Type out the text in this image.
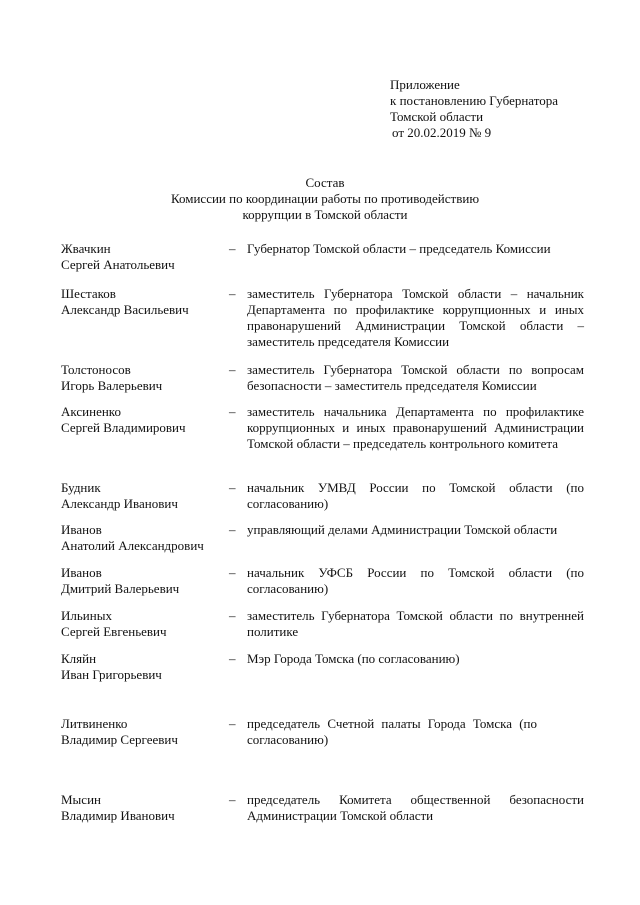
Приложение
к постановлению Губернатора
Томской области
от 20.02.2019 № 9
Состав
Комиссии по координации работы по противодействию
коррупции в Томской области
Жвачкин
Сергей Анатольевич
– Губернатор Томской области – председатель Комиссии
Шестаков
Александр Васильевич
– заместитель Губернатора Томской области – начальник Департамента по профилактике коррупционных и иных правонарушений Администрации Томской области – заместитель председателя Комиссии
Толстоносов
Игорь Валерьевич
– заместитель Губернатора Томской области по вопросам безопасности – заместитель председателя Комиссии
Аксиненко
Сергей Владимирович
– заместитель начальника Департамента по профилактике коррупционных и иных правонарушений Администрации Томской области – председатель контрольного комитета
Будник
Александр Иванович
– начальник УМВД России по Томской области (по согласованию)
Иванов
Анатолий Александрович
– управляющий делами Администрации Томской области
Иванов
Дмитрий Валерьевич
– начальник УФСБ России по Томской области (по согласованию)
Ильиных
Сергей Евгеньевич
– заместитель Губернатора Томской области по внутренней политике
Кляйн
Иван Григорьевич
– Мэр Города Томска (по согласованию)
Литвиненко
Владимир Сергеевич
– председатель Счетной палаты Города Томска (по согласованию)
Мысин
Владимир Иванович
– председатель Комитета общественной безопасности Администрации Томской области
